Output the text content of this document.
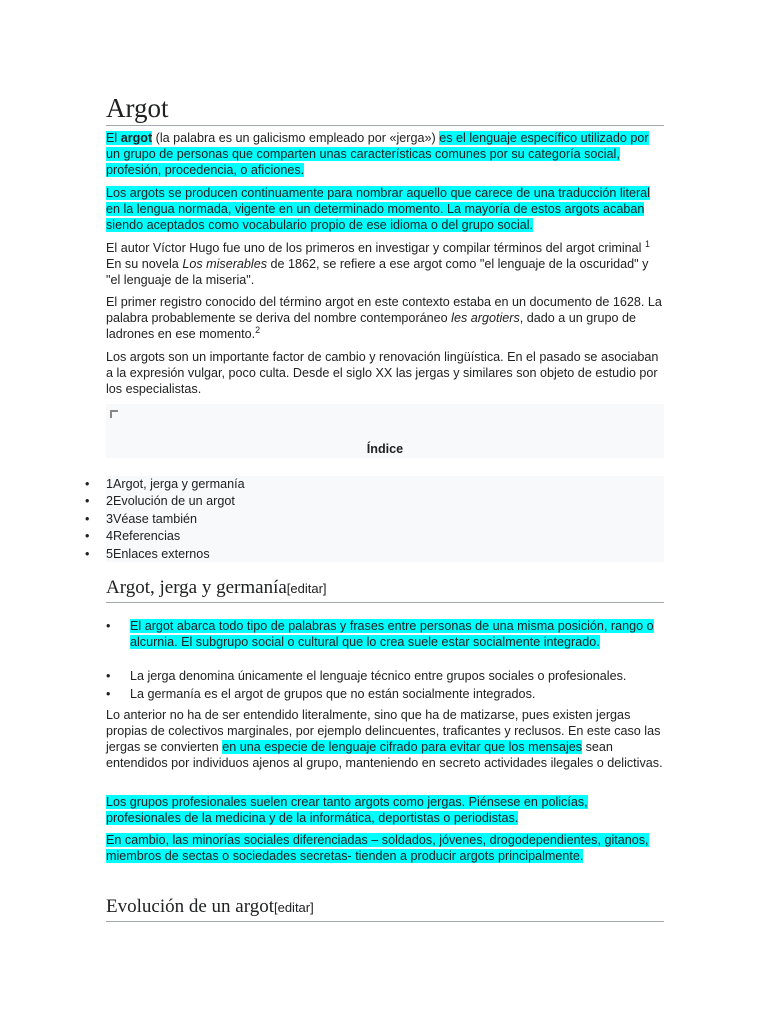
Argot

El argot (la palabra es un galicismo empleado por «jerga») es el lenguaje específico utilizado por un grupo de personas que comparten unas características comunes por su categoría social, profesión, procedencia, o aficiones.

Los argots se producen continuamente para nombrar aquello que carece de una traducción literal en la lengua normada, vigente en un determinado momento. La mayoría de estos argots acaban siendo aceptados como vocabulario propio de ese idioma o del grupo social.

El autor Víctor Hugo fue uno de los primeros en investigar y compilar términos del argot criminal $^1$ En su novela Los miserables de 1862, se refiere a ese argot como "el lenguaje de la oscuridad" y "el lenguaje de la miseria".

El primer registro conocido del término argot en este contexto estaba en un documento de 1628. La palabra probablemente se deriva del nombre contemporáneo les argotiers, dado a un grupo de ladrones en ese momento.$^2$

Los argots son un importante factor de cambio y renovación lingüística. En el pasado se asociaban a la expresión vulgar, poco culta. Desde el siglo XX las jergas y similares son objeto de estudio por los especialistas.

Índice
• 1Argot, jerga y germanía
• 2Evolución de un argot
• 3Véase también
• 4Referencias
• 5Enlaces externos
Argot, jerga y germanía[editar]
• El argot abarca todo tipo de palabras y frases entre personas de una misma posición, rango o alcurnia. El subgrupo social o cultural que lo crea suele estar socialmente integrado.
• La jerga denomina únicamente el lenguaje técnico entre grupos sociales o profesionales.
• La germanía es el argot de grupos que no están socialmente integrados.

Lo anterior no ha de ser entendido literalmente, sino que ha de matizarse, pues existen jergas propias de colectivos marginales, por ejemplo delincuentes, traficantes y reclusos. En este caso las jergas se convierten en una especie de lenguaje cifrado para evitar que los mensajes sean entendidos por individuos ajenos al grupo, manteniendo en secreto actividades ilegales o delictivas.

Los grupos profesionales suelen crear tanto argots como jergas. Piénsese en policías, profesionales de la medicina y de la informática, deportistas o periodistas.

En cambio, las minorías sociales diferenciadas – soldados, jóvenes, drogodependientes, gitanos, miembros de sectas o sociedades secretas- tienden a producir argots principalmente.

Evolución de un argot[editar]
